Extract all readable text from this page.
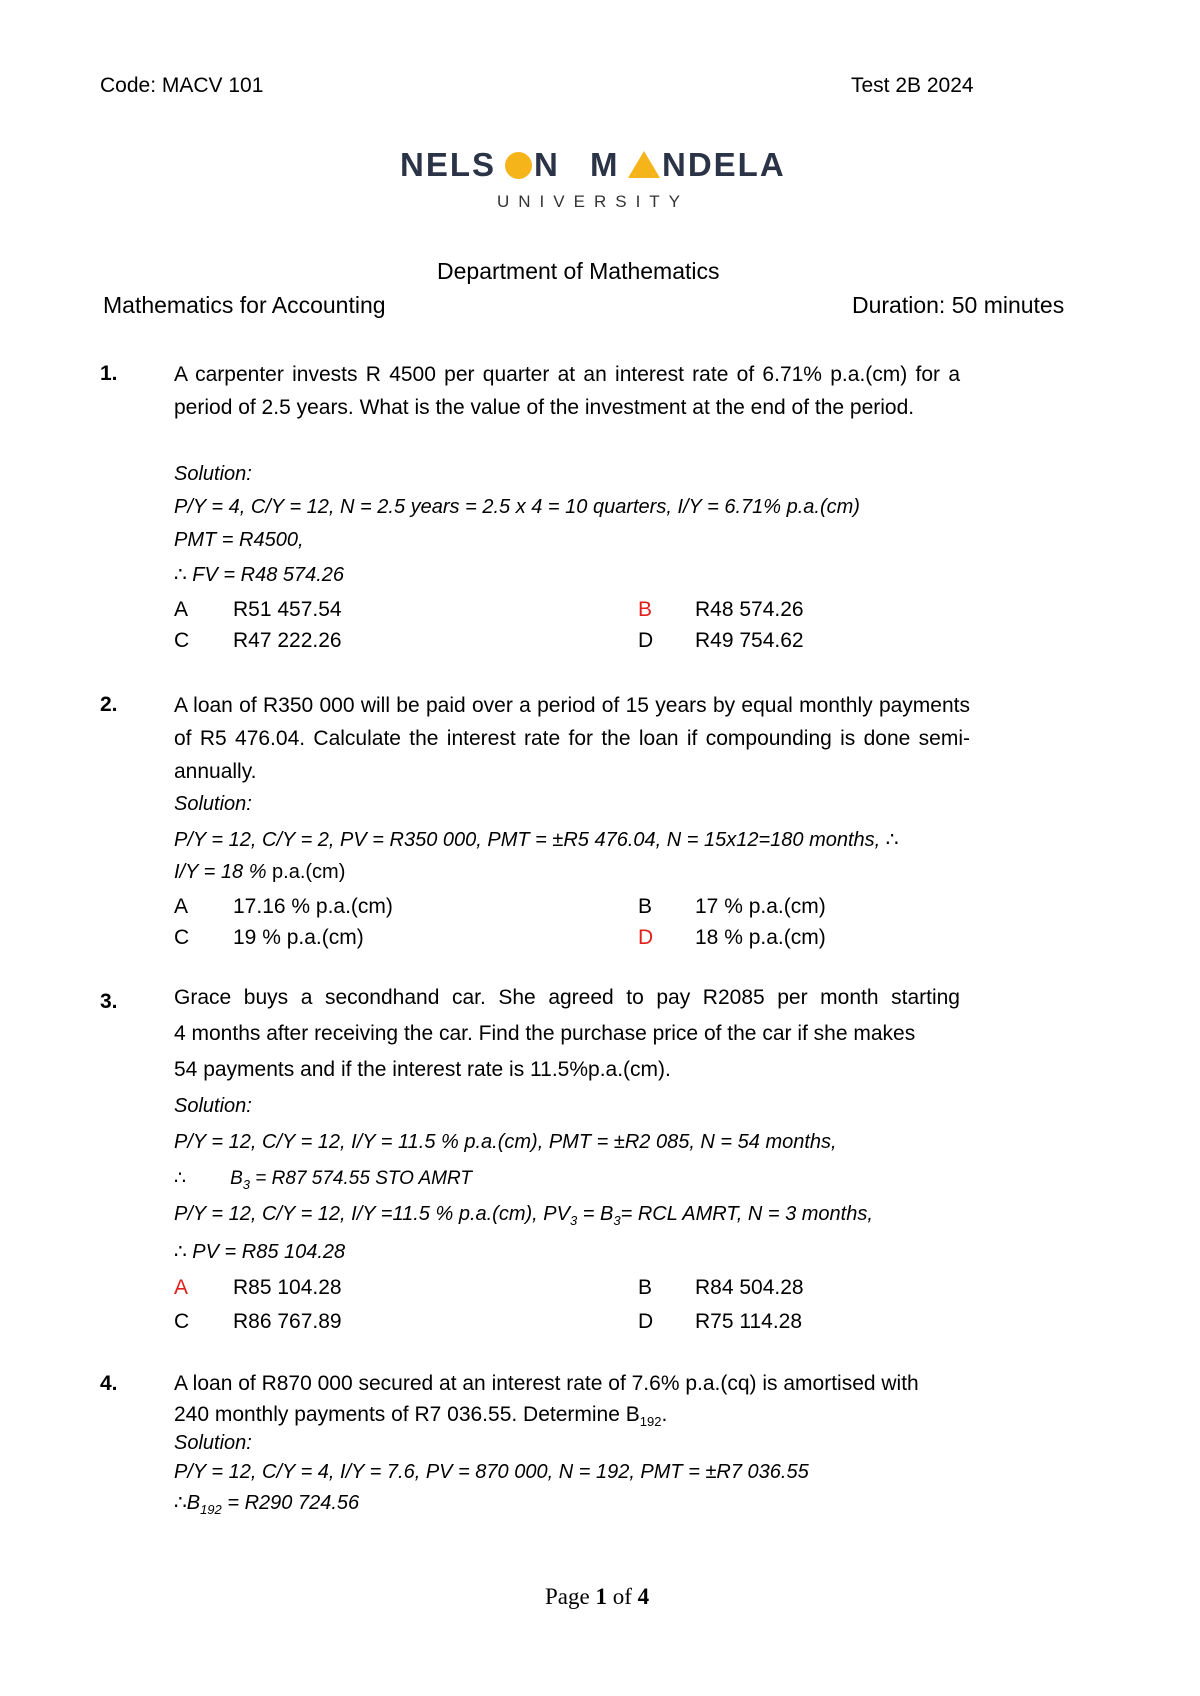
Code: MACV 101	Test 2B 2024
NELS N M NDELA
UNIVERSITY
Department of Mathematics
Mathematics for Accounting	Duration: 50 minutes
1.	A carpenter invests R 4500 per quarter at an interest rate of 6.71% p.a.(cm) for a period of 2.5 years. What is the value of the investment at the end of the period.
Solution:
P/Y = 4, C/Y = 12, N = 2.5 years = 2.5 x 4 = 10 quarters, I/Y = 6.71% p.a.(cm)
PMT = R4500,
∴ FV = R48 574.26
A R51 457.54	B R48 574.26
C R47 222.26	D R49 754.62
2.	A loan of R350 000 will be paid over a period of 15 years by equal monthly payments of R5 476.04. Calculate the interest rate for the loan if compounding is done semi-annually.
Solution:
P/Y = 12, C/Y = 2, PV = R350 000, PMT = ±R5 476.04, N = 15x12=180 months, ∴
I/Y = 18 % p.a.(cm)
A 17.16 % p.a.(cm)	B 17 % p.a.(cm)
C 19 % p.a.(cm)	D 18 % p.a.(cm)
3.	Grace buys a secondhand car. She agreed to pay R2085 per month starting
4 months after receiving the car. Find the purchase price of the car if she makes
54 payments and if the interest rate is 11.5%p.a.(cm).
Solution:
P/Y = 12, C/Y = 12, I/Y = 11.5 % p.a.(cm), PMT = ±R2 085, N = 54 months,
∴ $B_3 = R87$ 574.55 STO AMRT
P/Y = 12, C/Y = 12, I/Y =11.5 % p.a.(cm), $PV_3 = B_3=$ RCL AMRT, N = 3 months,
∴ PV = R85 104.28
A R85 104.28	B R84 504.28
C R86 767.89	D R75 114.28
4.	A loan of R870 000 secured at an interest rate of 7.6% p.a.(cq) is amortised with
240 monthly payments of R7 036.55. Determine $B_{192}$.
Solution:
P/Y = 12, C/Y = 4, I/Y = 7.6, PV = 870 000, N = 192, PMT = ±R7 036.55
$\therefore B_{192} = R290$ 724.56
Page 1 of 4
